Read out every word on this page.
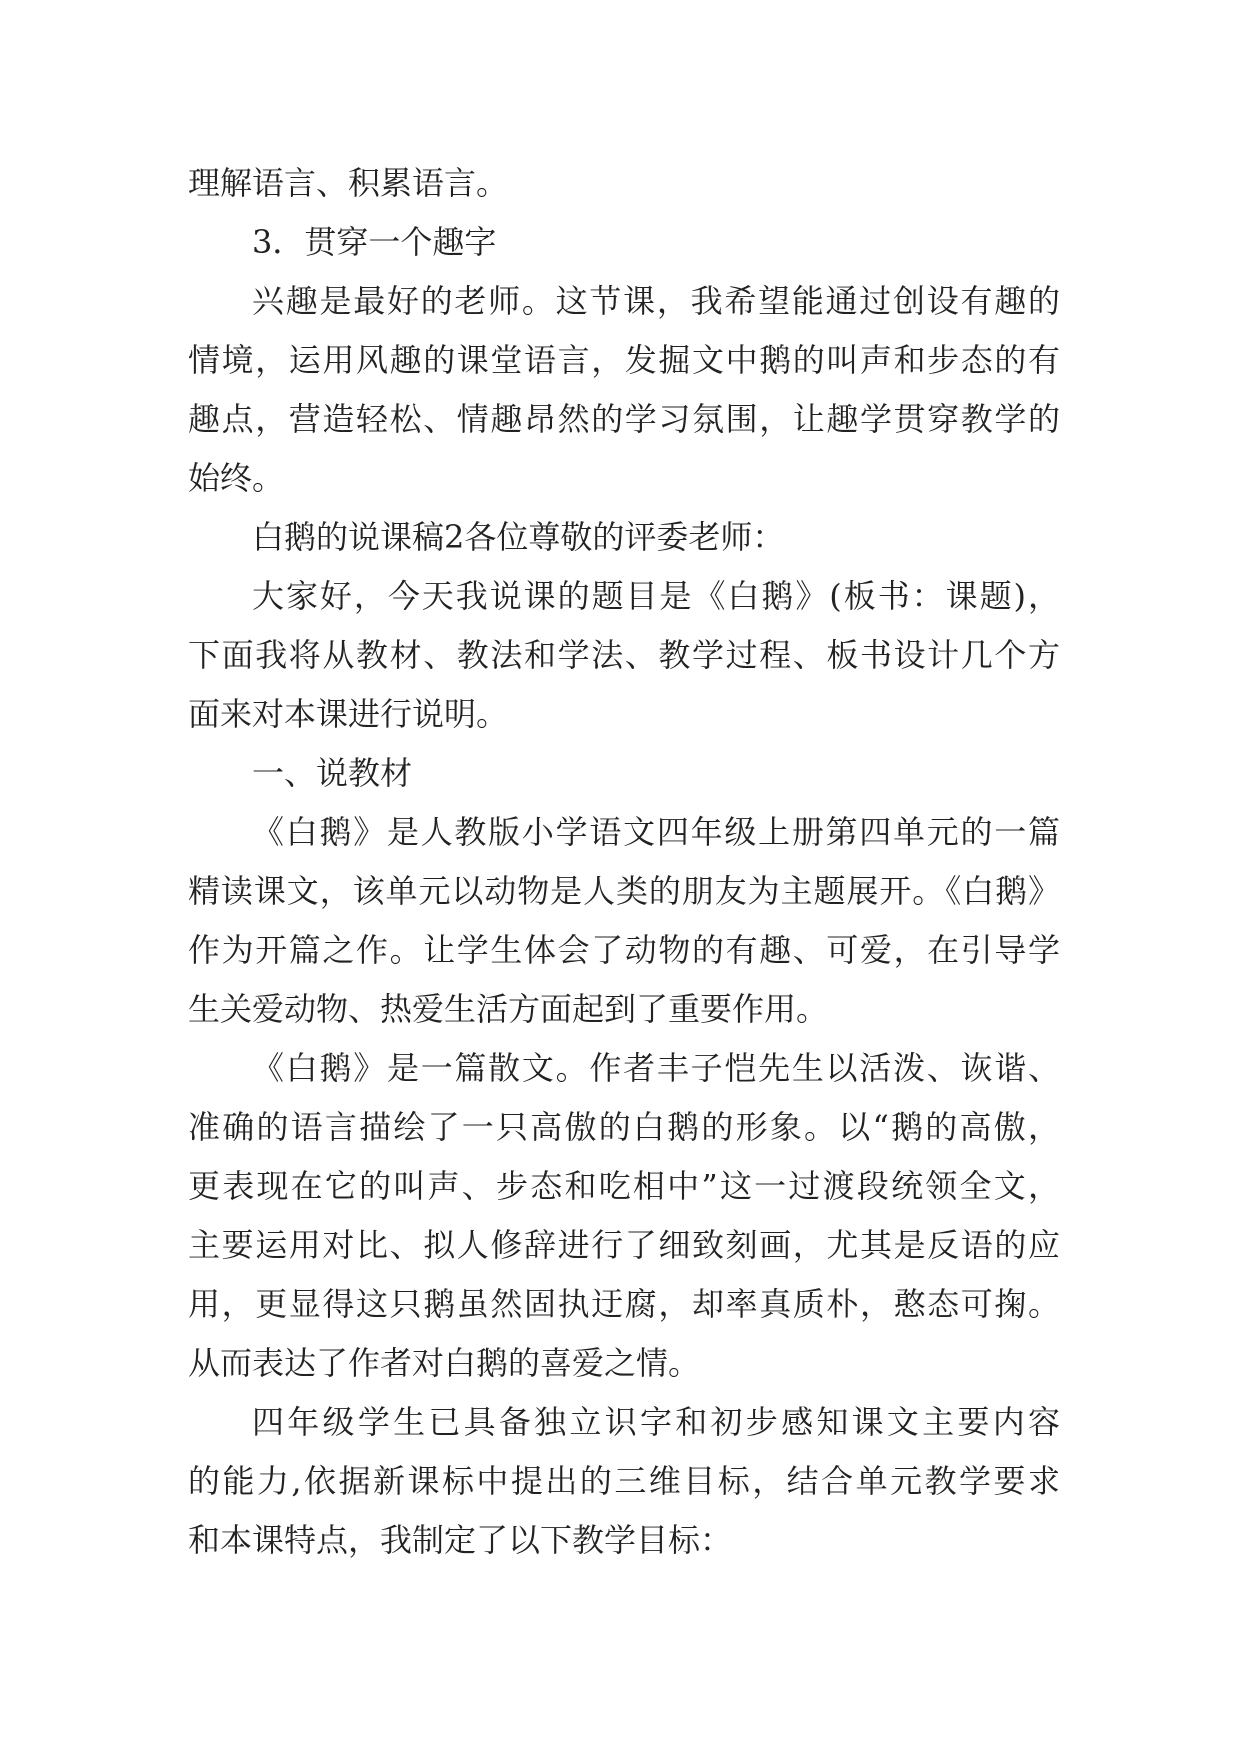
理解语言、积累语言。
3．贯穿一个趣字
兴趣是最好的老师。这节课，我希望能通过创设有趣的
情境，运用风趣的课堂语言，发掘文中鹅的叫声和步态的有
趣点，营造轻松、情趣昂然的学习氛围，让趣学贯穿教学的
始终。
白鹅的说课稿2各位尊敬的评委老师：
大家好，今天我说课的题目是《白鹅》(板书：课题)，
下面我将从教材、教法和学法、教学过程、板书设计几个方
面来对本课进行说明。
一、说教材
《白鹅》是人教版小学语文四年级上册第四单元的一篇
精读课文，该单元以动物是人类的朋友为主题展开。《白鹅》
作为开篇之作。让学生体会了动物的有趣、可爱，在引导学
生关爱动物、热爱生活方面起到了重要作用。
《白鹅》是一篇散文。作者丰子恺先生以活泼、诙谐、
准确的语言描绘了一只高傲的白鹅的形象。以“鹅的高傲，
更表现在它的叫声、步态和吃相中”这一过渡段统领全文，
主要运用对比、拟人修辞进行了细致刻画，尤其是反语的应
用，更显得这只鹅虽然固执迂腐，却率真质朴，憨态可掬。
从而表达了作者对白鹅的喜爱之情。
四年级学生已具备独立识字和初步感知课文主要内容
的能力,依据新课标中提出的三维目标，结合单元教学要求
和本课特点，我制定了以下教学目标：
